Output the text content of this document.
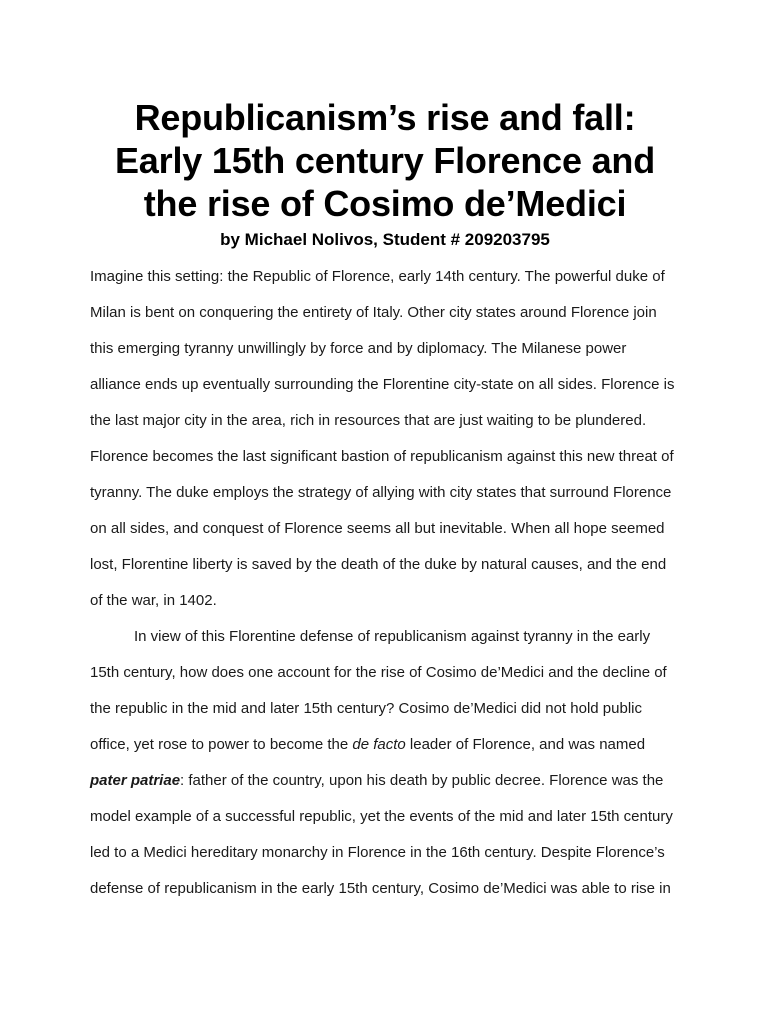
Republicanism’s rise and fall:
Early 15th century Florence and
the rise of Cosimo de’Medici

by Michael Nolivos, Student # 209203795

Imagine this setting: the Republic of Florence, early 14th century. The powerful duke of
Milan is bent on conquering the entirety of Italy. Other city states around Florence join
this emerging tyranny unwillingly by force and by diplomacy. The Milanese power
alliance ends up eventually surrounding the Florentine city-state on all sides. Florence is
the last major city in the area, rich in resources that are just waiting to be plundered.
Florence becomes the last significant bastion of republicanism against this new threat of
tyranny. The duke employs the strategy of allying with city states that surround Florence
on all sides, and conquest of Florence seems all but inevitable. When all hope seemed
lost, Florentine liberty is saved by the death of the duke by natural causes, and the end
of the war, in 1402.
In view of this Florentine defense of republicanism against tyranny in the early
15th century, how does one account for the rise of Cosimo de’Medici and the decline of
the republic in the mid and later 15th century? Cosimo de’Medici did not hold public
office, yet rose to power to become the de facto leader of Florence, and was named
pater patriae: father of the country, upon his death by public decree. Florence was the
model example of a successful republic, yet the events of the mid and later 15th century
led to a Medici hereditary monarchy in Florence in the 16th century. Despite Florence’s
defense of republicanism in the early 15th century, Cosimo de’Medici was able to rise in
